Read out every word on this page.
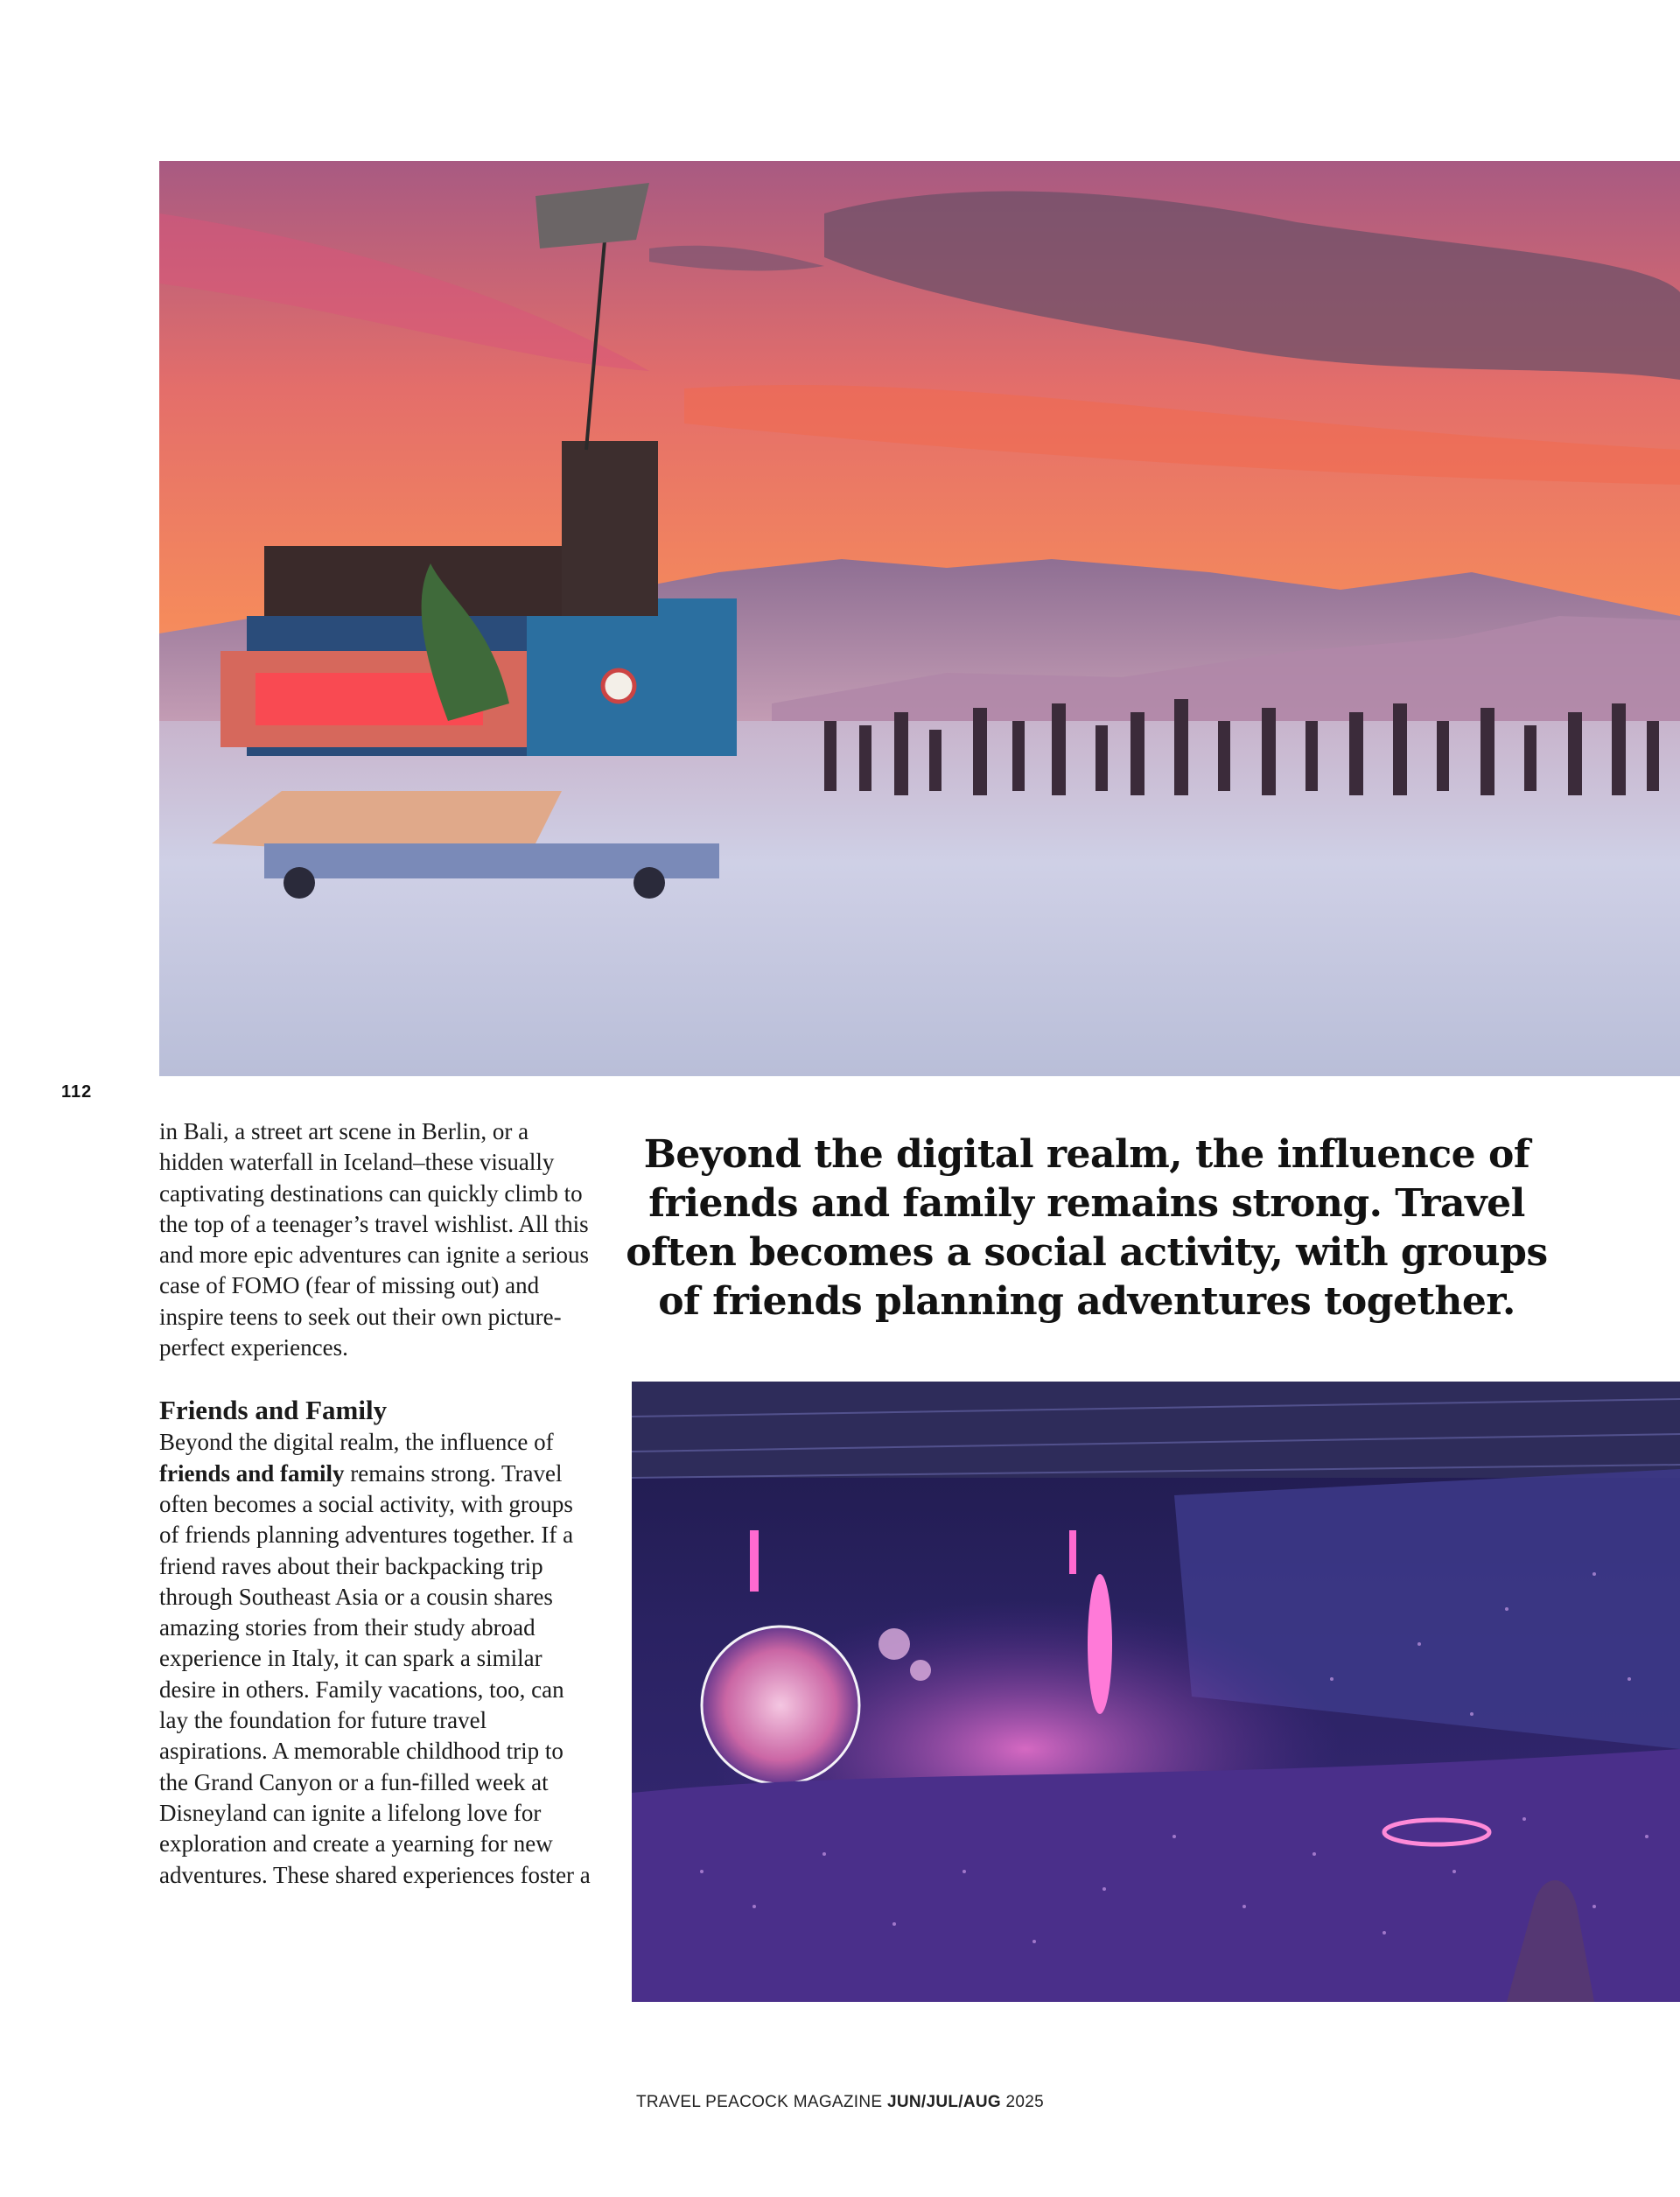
112

in Bali, a street art scene in Berlin, or a hidden waterfall in Iceland–these visually captivating destinations can quickly climb to the top of a teenager’s travel wishlist. All this and more epic adventures can ignite a serious case of FOMO (fear of missing out) and inspire teens to seek out their own picture-perfect experiences.

Friends and Family

Beyond the digital realm, the influence of friends and family remains strong. Travel often becomes a social activity, with groups of friends planning adventures together. If a friend raves about their backpacking trip through Southeast Asia or a cousin shares amazing stories from their study abroad experience in Italy, it can spark a similar desire in others. Family vacations, too, can lay the foundation for future travel aspirations. A memorable childhood trip to the Grand Canyon or a fun-filled week at Disneyland can ignite a lifelong love for exploration and create a yearning for new adventures. These shared experiences foster a

Beyond the digital realm, the influence of friends and family remains strong. Travel often becomes a social activity, with groups of friends planning adventures together.
TRAVEL PEACOCK MAGAZINE JUN/JUL/AUG 2025
